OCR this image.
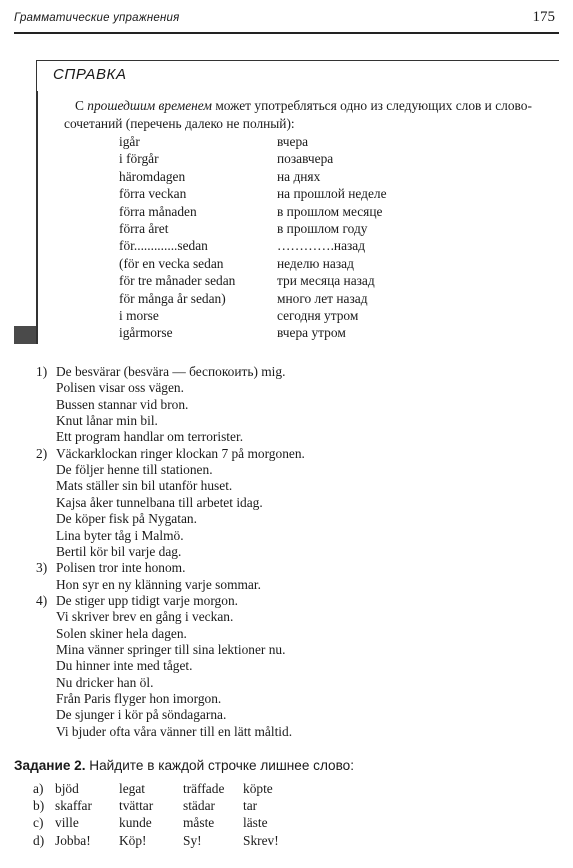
Грамматические упражнения	175
СПРАВКА
С прошедшим временем может употребляться одно из следующих слов и слово-
сочетаний (перечень далеко не полный):
igår	вчера
i förgår	позавчера
häromdagen	на днях
förra veckan	на прошлой неделе
förra månaden	в прошлом месяце
förra året	в прошлом году
för.............sedan	………….назад
(för en vecka sedan	неделю назад
för tre månader sedan	три месяца назад
för många år sedan)	много лет назад
i morse	сегодня утром
igårmorse	вчера утром
1) De besvärar (besvära — беспокоить) mig.
Polisen visar oss vägen.
Bussen stannar vid bron.
Knut lånar min bil.
Ett program handlar om terrorister.
2) Väckarklockan ringer klockan 7 på morgonen.
De följer henne till stationen.
Mats ställer sin bil utanför huset.
Kajsa åker tunnelbana till arbetet idag.
De köper fisk på Nygatan.
Lina byter tåg i Malmö.
Bertil kör bil varje dag.
3) Polisen tror inte honom.
Hon syr en ny klänning varje sommar.
4) De stiger upp tidigt varje morgon.
Vi skriver brev en gång i veckan.
Solen skiner hela dagen.
Mina vänner springer till sina lektioner nu.
Du hinner inte med tåget.
Nu dricker han öl.
Från Paris flyger hon imorgon.
De sjunger i kör på söndagarna.
Vi bjuder ofta våra vänner till en lätt måltid.
Задание 2. Найдите в каждой строчке лишнее слово:
a) bjöd	legat	träffade köpte
b) skaffar tvättar städar tar
c) ville	kunde måste läste
d) Jobba! Köp!	Sy!	Skrev!
